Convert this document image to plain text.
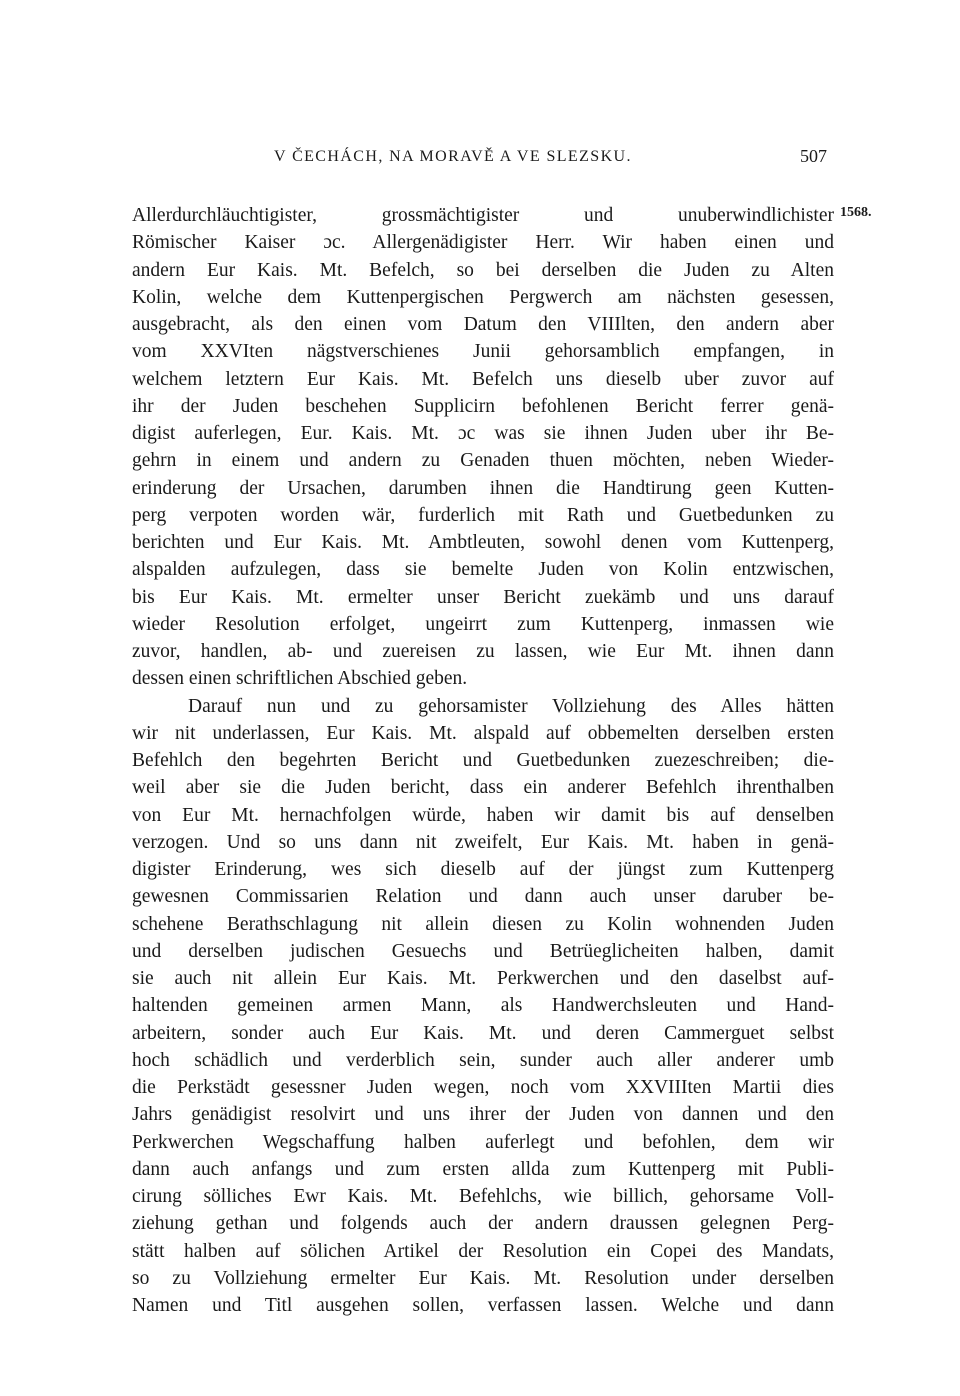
V ČECHÁCH, NA MORAVĚ A VE SLEZSKU.	507
1568.
Allerdurchläuchtigister, grossmächtigister und unuberwindlichister
Römischer Kaiser ɔc. Allergenädigister Herr. Wir haben einen und
andern Eur Kais. Mt. Befelch, so bei derselben die Juden zu Alten
Kolin, welche dem Kuttenpergischen Pergwerch am nächsten gesessen,
ausgebracht, als den einen vom Datum den VIIIlten, den andern aber
vom XXVIten nägstverschienes Junii gehorsamblich empfangen, in
welchem letztern Eur Kais. Mt. Befelch uns dieselb uber zuvor auf
ihr der Juden beschehen Supplicirn befohlenen Bericht ferrer genä-
digist auferlegen, Eur. Kais. Mt. ɔc was sie ihnen Juden uber ihr Be-
gehrn in einem und andern zu Genaden thuen möchten, neben Wieder-
erinderung der Ursachen, darumben ihnen die Handtirung geen Kutten-
perg verpoten worden wär, furderlich mit Rath und Guetbedunken zu
berichten und Eur Kais. Mt. Ambtleuten, sowohl denen vom Kuttenperg,
alspalden aufzulegen, dass sie bemelte Juden von Kolin entzwischen,
bis Eur Kais. Mt. ermelter unser Bericht zuekämb und uns darauf
wieder Resolution erfolget, ungeirrt zum Kuttenperg, inmassen wie
zuvor, handlen, ab- und zuereisen zu lassen, wie Eur Mt. ihnen dann
dessen einen schriftlichen Abschied geben.
Darauf nun und zu gehorsamister Vollziehung des Alles hätten
wir nit underlassen, Eur Kais. Mt. alspald auf obbemelten derselben ersten
Befehlch den begehrten Bericht und Guetbedunken zuezeschreiben; die-
weil aber sie die Juden bericht, dass ein anderer Befehlch ihrenthalben
von Eur Mt. hernachfolgen würde, haben wir damit bis auf denselben
verzogen. Und so uns dann nit zweifelt, Eur Kais. Mt. haben in genä-
digister Erinderung, wes sich dieselb auf der jüngst zum Kuttenperg
gewesnen Commissarien Relation und dann auch unser daruber be-
schehene Berathschlagung nit allein diesen zu Kolin wohnenden Juden
und derselben judischen Gesuechs und Betrüeglicheiten halben, damit
sie auch nit allein Eur Kais. Mt. Perkwerchen und den daselbst auf-
haltenden gemeinen armen Mann, als Handwerchsleuten und Hand-
arbeitern, sonder auch Eur Kais. Mt. und deren Cammerguet selbst
hoch schädlich und verderblich sein, sunder auch aller anderer umb
die Perkstädt gesessner Juden wegen, noch vom XXVIIIten Martii dies
Jahrs genädigist resolvirt und uns ihrer der Juden von dannen und den
Perkwerchen Wegschaffung halben auferlegt und befohlen, dem wir
dann auch anfangs und zum ersten allda zum Kuttenperg mit Publi-
cirung sölliches Ewr Kais. Mt. Befehlchs, wie billich, gehorsame Voll-
ziehung gethan und folgends auch der andern draussen gelegnen Perg-
stätt halben auf sölichen Artikel der Resolution ein Copei des Mandats,
so zu Vollziehung ermelter Eur Kais. Mt. Resolution under derselben
Namen und Titl ausgehen sollen, verfassen lassen. Welche und dann
